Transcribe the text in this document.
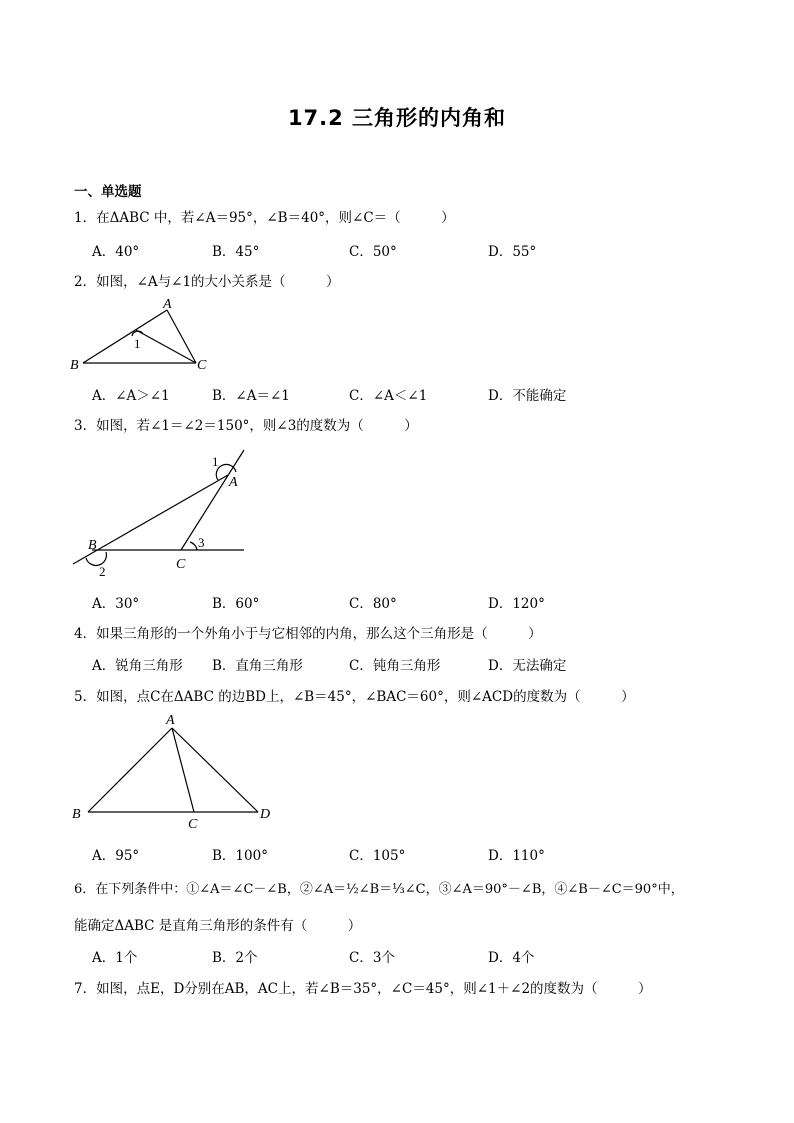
17.2 三角形的内角和
一、单选题
1．在ΔABC 中，若∠A＝95°，∠B＝40°，则∠C＝（　　　）
A．40°	B．45°	C．50°	D．55°
2．如图，∠A与∠1的大小关系是（　　　）
A
B	C
1
A．∠A＞∠1	B．∠A＝∠1	C．∠A＜∠1	D．不能确定
3．如图，若∠1＝∠2＝150°，则∠3的度数为（　　　）
1
A
B
2	C
3
A．30°	B．60°	C．80°	D．120°
4．如果三角形的一个外角小于与它相邻的内角，那么这个三角形是（　　　）
A．锐角三角形 B．直角三角形	C．钝角三角形	D．无法确定
5．如图，点C在ΔABC 的边BD上，∠B＝45°，∠BAC＝60°，则∠ACD的度数为（　　　）
A
B
C
D
A．95°	B．100°	C．105°	D．110°
6．在下列条件中：①∠A＝∠C－∠B，②∠A＝½∠B＝⅓∠C，③∠A＝90°－∠B，④∠B－∠C＝90°中，
能确定ΔABC 是直角三角形的条件有（　　　）
A．1个	B．2个	C．3个	D．4个
7．如图，点E，D分别在AB，AC上，若∠B＝35°，∠C＝45°，则∠1＋∠2的度数为（　　　）
